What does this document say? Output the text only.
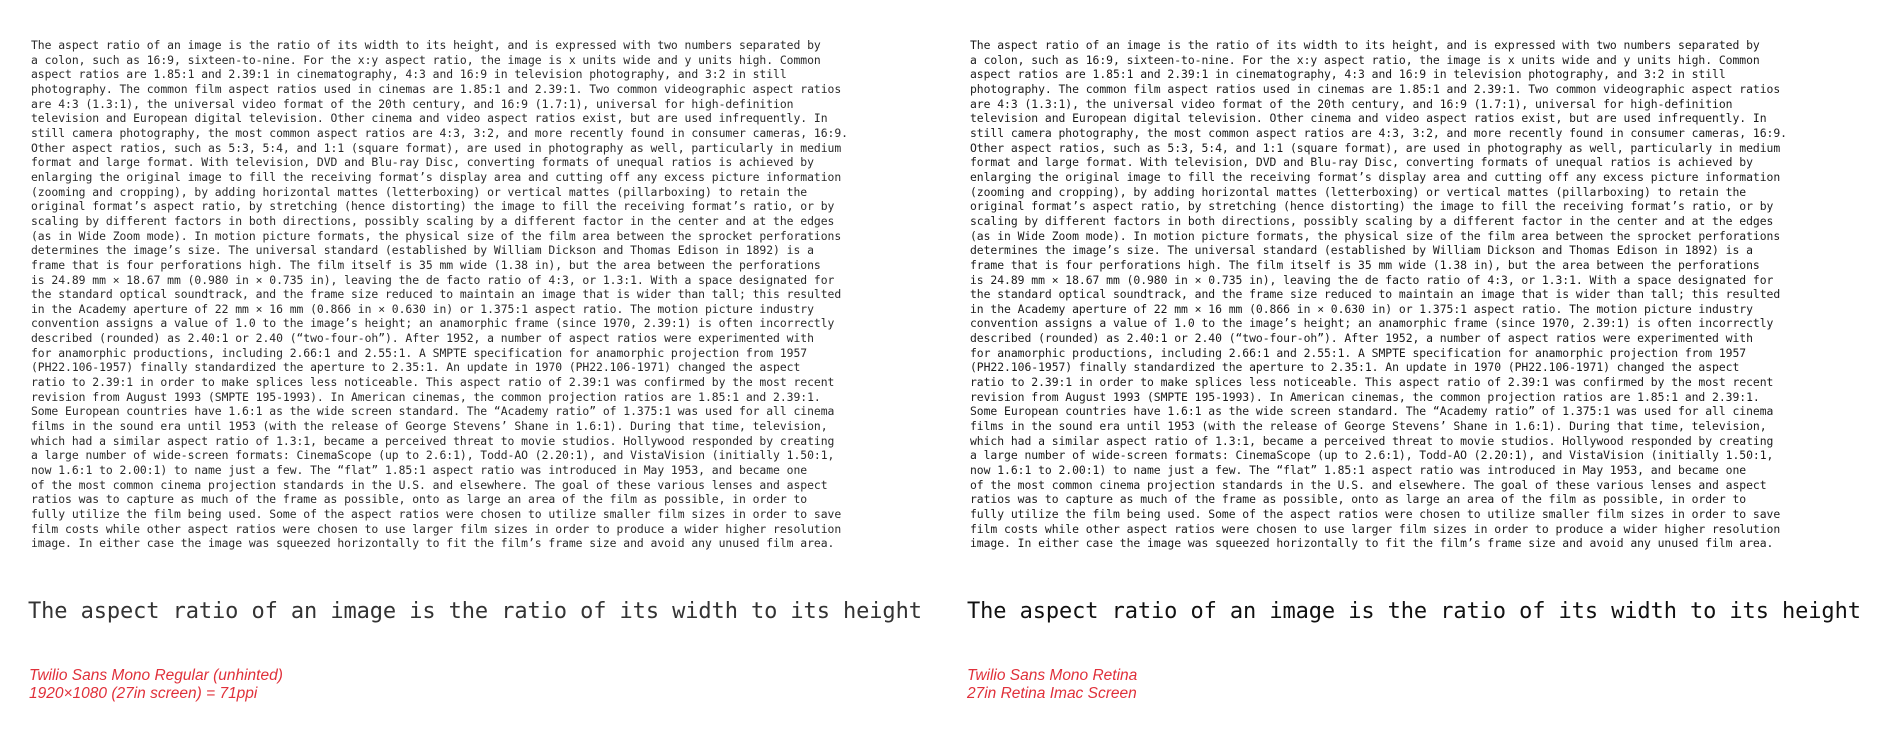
The aspect ratio of an image is the ratio of its width to its height, and is expressed with two numbers separated by
a colon, such as 16:9, sixteen-to-nine. For the x:y aspect ratio, the image is x units wide and y units high. Common
aspect ratios are 1.85:1 and 2.39:1 in cinematography, 4:3 and 16:9 in television photography, and 3:2 in still
photography. The common film aspect ratios used in cinemas are 1.85:1 and 2.39:1. Two common videographic aspect ratios
are 4:3 (1.3:1), the universal video format of the 20th century, and 16:9 (1.7:1), universal for high-definition
television and European digital television. Other cinema and video aspect ratios exist, but are used infrequently. In
still camera photography, the most common aspect ratios are 4:3, 3:2, and more recently found in consumer cameras, 16:9.
Other aspect ratios, such as 5:3, 5:4, and 1:1 (square format), are used in photography as well, particularly in medium
format and large format. With television, DVD and Blu-ray Disc, converting formats of unequal ratios is achieved by
enlarging the original image to fill the receiving format’s display area and cutting off any excess picture information
(zooming and cropping), by adding horizontal mattes (letterboxing) or vertical mattes (pillarboxing) to retain the
original format’s aspect ratio, by stretching (hence distorting) the image to fill the receiving format’s ratio, or by
scaling by different factors in both directions, possibly scaling by a different factor in the center and at the edges
(as in Wide Zoom mode). In motion picture formats, the physical size of the film area between the sprocket perforations
determines the image’s size. The universal standard (established by William Dickson and Thomas Edison in 1892) is a
frame that is four perforations high. The film itself is 35 mm wide (1.38 in), but the area between the perforations
is 24.89 mm × 18.67 mm (0.980 in × 0.735 in), leaving the de facto ratio of 4:3, or 1.3:1. With a space designated for
the standard optical soundtrack, and the frame size reduced to maintain an image that is wider than tall; this resulted
in the Academy aperture of 22 mm × 16 mm (0.866 in × 0.630 in) or 1.375:1 aspect ratio. The motion picture industry
convention assigns a value of 1.0 to the image’s height; an anamorphic frame (since 1970, 2.39:1) is often incorrectly
described (rounded) as 2.40:1 or 2.40 (“two-four-oh”). After 1952, a number of aspect ratios were experimented with
for anamorphic productions, including 2.66:1 and 2.55:1. A SMPTE specification for anamorphic projection from 1957
(PH22.106-1957) finally standardized the aperture to 2.35:1. An update in 1970 (PH22.106-1971) changed the aspect
ratio to 2.39:1 in order to make splices less noticeable. This aspect ratio of 2.39:1 was confirmed by the most recent
revision from August 1993 (SMPTE 195-1993). In American cinemas, the common projection ratios are 1.85:1 and 2.39:1.
Some European countries have 1.6:1 as the wide screen standard. The “Academy ratio” of 1.375:1 was used for all cinema
films in the sound era until 1953 (with the release of George Stevens’ Shane in 1.6:1). During that time, television,
which had a similar aspect ratio of 1.3:1, became a perceived threat to movie studios. Hollywood responded by creating
a large number of wide-screen formats: CinemaScope (up to 2.6:1), Todd-AO (2.20:1), and VistaVision (initially 1.50:1,
now 1.6:1 to 2.00:1) to name just a few. The “flat” 1.85:1 aspect ratio was introduced in May 1953, and became one
of the most common cinema projection standards in the U.S. and elsewhere. The goal of these various lenses and aspect
ratios was to capture as much of the frame as possible, onto as large an area of the film as possible, in order to
fully utilize the film being used. Some of the aspect ratios were chosen to utilize smaller film sizes in order to save
film costs while other aspect ratios were chosen to use larger film sizes in order to produce a wider higher resolution
image. In either case the image was squeezed horizontally to fit the film’s frame size and avoid any unused film area.
The aspect ratio of an image is the ratio of its width to its height, and is expressed with two numbers separated by
a colon, such as 16:9, sixteen-to-nine. For the x:y aspect ratio, the image is x units wide and y units high. Common
aspect ratios are 1.85:1 and 2.39:1 in cinematography, 4:3 and 16:9 in television photography, and 3:2 in still
photography. The common film aspect ratios used in cinemas are 1.85:1 and 2.39:1. Two common videographic aspect ratios
are 4:3 (1.3:1), the universal video format of the 20th century, and 16:9 (1.7:1), universal for high-definition
television and European digital television. Other cinema and video aspect ratios exist, but are used infrequently. In
still camera photography, the most common aspect ratios are 4:3, 3:2, and more recently found in consumer cameras, 16:9.
Other aspect ratios, such as 5:3, 5:4, and 1:1 (square format), are used in photography as well, particularly in medium
format and large format. With television, DVD and Blu-ray Disc, converting formats of unequal ratios is achieved by
enlarging the original image to fill the receiving format’s display area and cutting off any excess picture information
(zooming and cropping), by adding horizontal mattes (letterboxing) or vertical mattes (pillarboxing) to retain the
original format’s aspect ratio, by stretching (hence distorting) the image to fill the receiving format’s ratio, or by
scaling by different factors in both directions, possibly scaling by a different factor in the center and at the edges
(as in Wide Zoom mode). In motion picture formats, the physical size of the film area between the sprocket perforations
determines the image’s size. The universal standard (established by William Dickson and Thomas Edison in 1892) is a
frame that is four perforations high. The film itself is 35 mm wide (1.38 in), but the area between the perforations
is 24.89 mm × 18.67 mm (0.980 in × 0.735 in), leaving the de facto ratio of 4:3, or 1.3:1. With a space designated for
the standard optical soundtrack, and the frame size reduced to maintain an image that is wider than tall; this resulted
in the Academy aperture of 22 mm × 16 mm (0.866 in × 0.630 in) or 1.375:1 aspect ratio. The motion picture industry
convention assigns a value of 1.0 to the image’s height; an anamorphic frame (since 1970, 2.39:1) is often incorrectly
described (rounded) as 2.40:1 or 2.40 (“two-four-oh”). After 1952, a number of aspect ratios were experimented with
for anamorphic productions, including 2.66:1 and 2.55:1. A SMPTE specification for anamorphic projection from 1957
(PH22.106-1957) finally standardized the aperture to 2.35:1. An update in 1970 (PH22.106-1971) changed the aspect
ratio to 2.39:1 in order to make splices less noticeable. This aspect ratio of 2.39:1 was confirmed by the most recent
revision from August 1993 (SMPTE 195-1993). In American cinemas, the common projection ratios are 1.85:1 and 2.39:1.
Some European countries have 1.6:1 as the wide screen standard. The “Academy ratio” of 1.375:1 was used for all cinema
films in the sound era until 1953 (with the release of George Stevens’ Shane in 1.6:1). During that time, television,
which had a similar aspect ratio of 1.3:1, became a perceived threat to movie studios. Hollywood responded by creating
a large number of wide-screen formats: CinemaScope (up to 2.6:1), Todd-AO (2.20:1), and VistaVision (initially 1.50:1,
now 1.6:1 to 2.00:1) to name just a few. The “flat” 1.85:1 aspect ratio was introduced in May 1953, and became one
of the most common cinema projection standards in the U.S. and elsewhere. The goal of these various lenses and aspect
ratios was to capture as much of the frame as possible, onto as large an area of the film as possible, in order to
fully utilize the film being used. Some of the aspect ratios were chosen to utilize smaller film sizes in order to save
film costs while other aspect ratios were chosen to use larger film sizes in order to produce a wider higher resolution
image. In either case the image was squeezed horizontally to fit the film’s frame size and avoid any unused film area.

The aspect ratio of an image is the ratio of its width to its height The aspect ratio of an image is the ratio of its width to its height

Twilio Sans Mono Regular (unhinted)
1920×1080 (27in screen) = 71ppi
Twilio Sans Mono Retina
27in Retina Imac Screen
